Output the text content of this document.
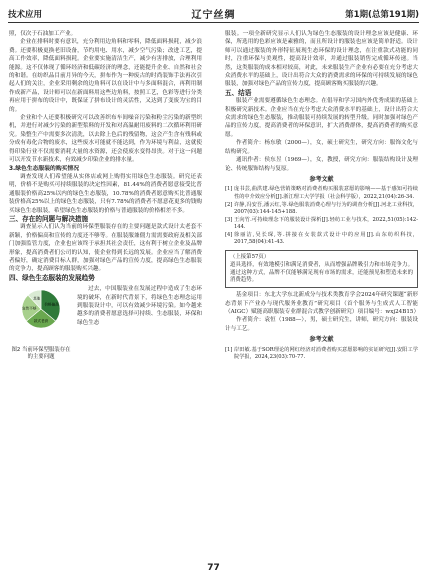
技术应用	辽宁丝绸	第1期(总第191期)

照，仅次于石油加工产业。

企业在排料时要有意识，充分利用边角料和零料，降低面料损耗，减少浪费。还要积极更换老旧设备，节约用电、用水，减少空气污染；改进工艺，提高工作效率，降低面料损耗。企业要实施清洁生产，减少有害排放，合理利用能源。这不仅体现了循环经济和低碳经济的理念，还能提升企业、自然和社会的和谐。在纺织品目前月异的今天，拼布作为一种废古的时尚装饰手法再次引起人们的关注，企业采用剩余的边角料可以在设计中与多面料混合，再利用制作成新产品，设计师可以在新面料用这些边角料，按照工艺，色彩等进行分类再应用于拼布的设计中，既保证了拼布设计的灵活性，又达到了变废为宝的目的。

企业和个人还要积极研究可以改善织布车间噪音污染和粉尘污染的新型织机，并进行对减少污染的新型浆料的开发和对高温耐用废料的二次循环利用研究。染整生产中需要多次清洗，以去除上色后的残留物，这会产生含有残料或分成有毒化合物的废水，这些废水可能就不能达到，作为环境与利益，这就使得印染行业不仅需要消耗大量的水资源，还会使废水变得昂贵。对于这一问题可以开发节水新技术，有效减少印染企业的排水量。

3.绿色生态服装的购买情况

调查发现人们希望能从实体店或网上购得实用绿色生态服装。研究还表明，价格不是购买可持续服装的决定性因素，81.44%的消费者愿意接受比普通服装价格高25%以内的绿色生态服装，10.78%的消费者愿意购买比普通服装价格高25%以上的绿色生态服装，只有7.78%的消费者不愿意花更多的钱购买绿色生态服装，希望绿色生态服装的价格与普通服装的价格相差不多。

三、存在的问题与解决措施

调查显示人们认为当前的环保型服装存在的主要问题是款式设计太老套不新颖，价格偏高和宣传的力度还不够等。在服装服兼僵力需需要政府及相关部门加强监管力度，企业也应该终于承担其社会责任，这有利于树立企业及品牌形象，提高消费者们公司的认知，使企业得到长远的发展。企业应当了解消费者偏好，确定消费目标人群，加强对绿色产品的宣传力度，提高绿色生态服装的竞争力，提高顾客的服装购买兴趣。

四、绿色生态服装的发展趋势

价格偏高
款式老套
宣传不够
其他
图2 当前环保型服装存在的主要问题

过去，中国服装业在发展过程中造成了生态环境的破坏，在新时代背景下，将绿色生态理念运用到服装设计中，可以有效减少环境污染。如今越来越多的消费者愿意选择可持续、生态服装，环保和绿色生态

服装。一项全新研究显示人们认为绿色生态服装的设计理念应该是健康、环保，所选用的色彩应该是素雅的，而且所设计的服装也应该是简单舒适。设计师可以通过服装的外形特征展现生态环保的设计理念，在注重款式功能的同时，注重环保与美观性，提高设计效率，并通过服装销售完成循环传递。当然，这类服装的成本相对较高，对此，未来服装生产企业有必要在充分考虑大众消费水平的基础上，设计出符合大众的消费需求的环保的可持续发展的绿色服装，加强对绿色产品的宣传力度，提高顾客购买服装的兴趣。

五、结语

服装产业需要遵循绿色生态理念。在倡导和学习国内外优秀成果的基础上积极研究新技术。企业应当在充分考虑大众消费水平的基础上，设计出符合大众需求的绿色生态服装，推动服装可持续发展的转型升级。同时加强对绿色产品的宣传力度，提高消费者的环保意识，扩大消费群体，提高消费者的购买意愿。

作者简介：杨东敏（2000—），女，硕士研究生，研究方向：服饰文化与结构研究。

通讯作者：侯东昱（1969—），女，教授，研究方向：服装结构设计及理论、传统服饰结构与复原。

参考文献

[1] 庞书芸,曲洪建.绿色营销策略对消费者购买服装意愿的影响——基于感知可持续性的中介效应分析[J].浙江理工大学学报（社会科学版），2022,21(04):26-34.

[2] 许静,冯安吾,潘云红,等.绿色服装消费心理与行为的调查分析[J].河北工业科技，2007(03):144-145+188.

[3] 王向竹.可持续理念下的服装设计探析[J].轻纺工业与技术，2022,51(05):142-144.

[4] 徐丽洁,吴长琛,等.拼接在女装款式设计中的应用[J].山东纺织科技，2017,58(04):41-43.

（上接第57页）
道具选择，有效地模引和满足消费者，从而增强品牌吸引力和市场竞争力。通过这种方式，品牌不仅能够满足现有市场的需求，还能预见和塑造未来的消费趋势。

基金项目：东北大学东北新成分与技术类教育学会2024年研究课题“新形态背景下产业办与现代服务业教育”研究项目（首个服务与生成式人工智能（AIGC）赋能高职服装专业群混合式教学创新研究）项目编号：wxj24B15）

作者简介：袁恒（1988—），男，硕士研究生，讲师，研究方向：服装设计与工艺。

参考文献

[1] 岸田敏.基于SOR理论的网红经济对消费者购买意愿影响的实证研究[J].安阳工学院学报，2024,23(03):70-77.

77
